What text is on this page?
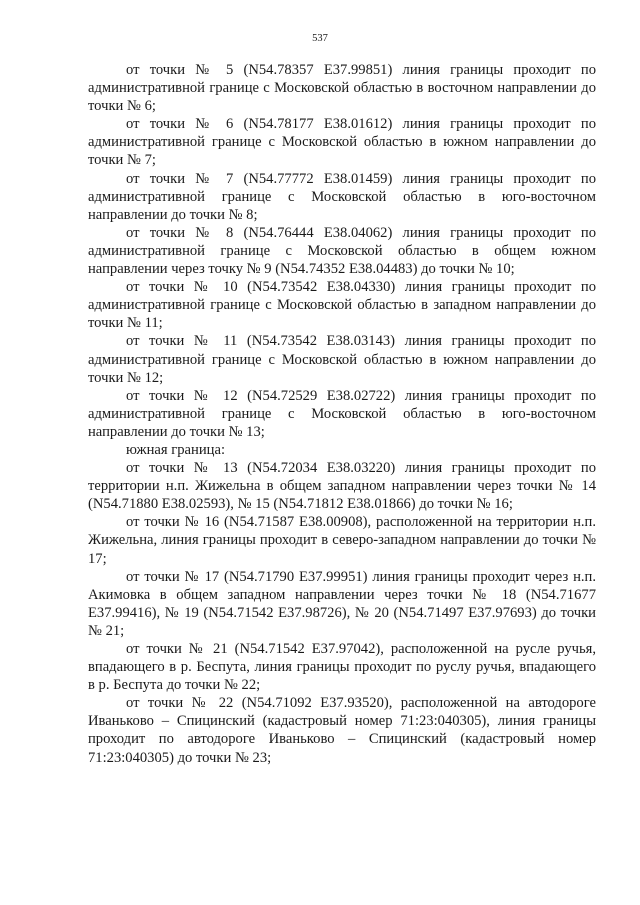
537

от точки № 5 (N54.78357 E37.99851) линия границы проходит по административной границе с Московской областью в восточном направлении до точки № 6;

от точки № 6 (N54.78177 E38.01612) линия границы проходит по административной границе с Московской областью в южном направлении до точки № 7;

от точки № 7 (N54.77772 E38.01459) линия границы проходит по административной границе с Московской областью в юго-восточном направлении до точки № 8;

от точки № 8 (N54.76444 E38.04062) линия границы проходит по административной границе с Московской областью в общем южном направлении через точку № 9 (N54.74352 E38.04483) до точки № 10;

от точки № 10 (N54.73542 E38.04330) линия границы проходит по административной границе с Московской областью в западном направлении до точки № 11;

от точки № 11 (N54.73542 E38.03143) линия границы проходит по административной границе с Московской областью в южном направлении до точки № 12;

от точки № 12 (N54.72529 E38.02722) линия границы проходит по административной границе с Московской областью в юго-восточном направлении до точки № 13;

южная граница:

от точки № 13 (N54.72034 E38.03220) линия границы проходит по территории н.п. Жижельна в общем западном направлении через точки № 14 (N54.71880 E38.02593), № 15 (N54.71812 E38.01866) до точки № 16;

от точки № 16 (N54.71587 E38.00908), расположенной на территории н.п. Жижельна, линия границы проходит в северо-западном направлении до точки № 17;

от точки № 17 (N54.71790 E37.99951) линия границы проходит через н.п. Акимовка в общем западном направлении через точки № 18 (N54.71677 E37.99416), № 19 (N54.71542 E37.98726), № 20 (N54.71497 E37.97693) до точки № 21;

от точки № 21 (N54.71542 E37.97042), расположенной на русле ручья, впадающего в р. Беспута, линия границы проходит по руслу ручья, впадающего в р. Беспута до точки № 22;

от точки № 22 (N54.71092 E37.93520), расположенной на автодороге Иваньково – Спицинский (кадастровый номер 71:23:040305), линия границы проходит по автодороге Иваньково – Спицинский (кадастровый номер 71:23:040305) до точки № 23;
